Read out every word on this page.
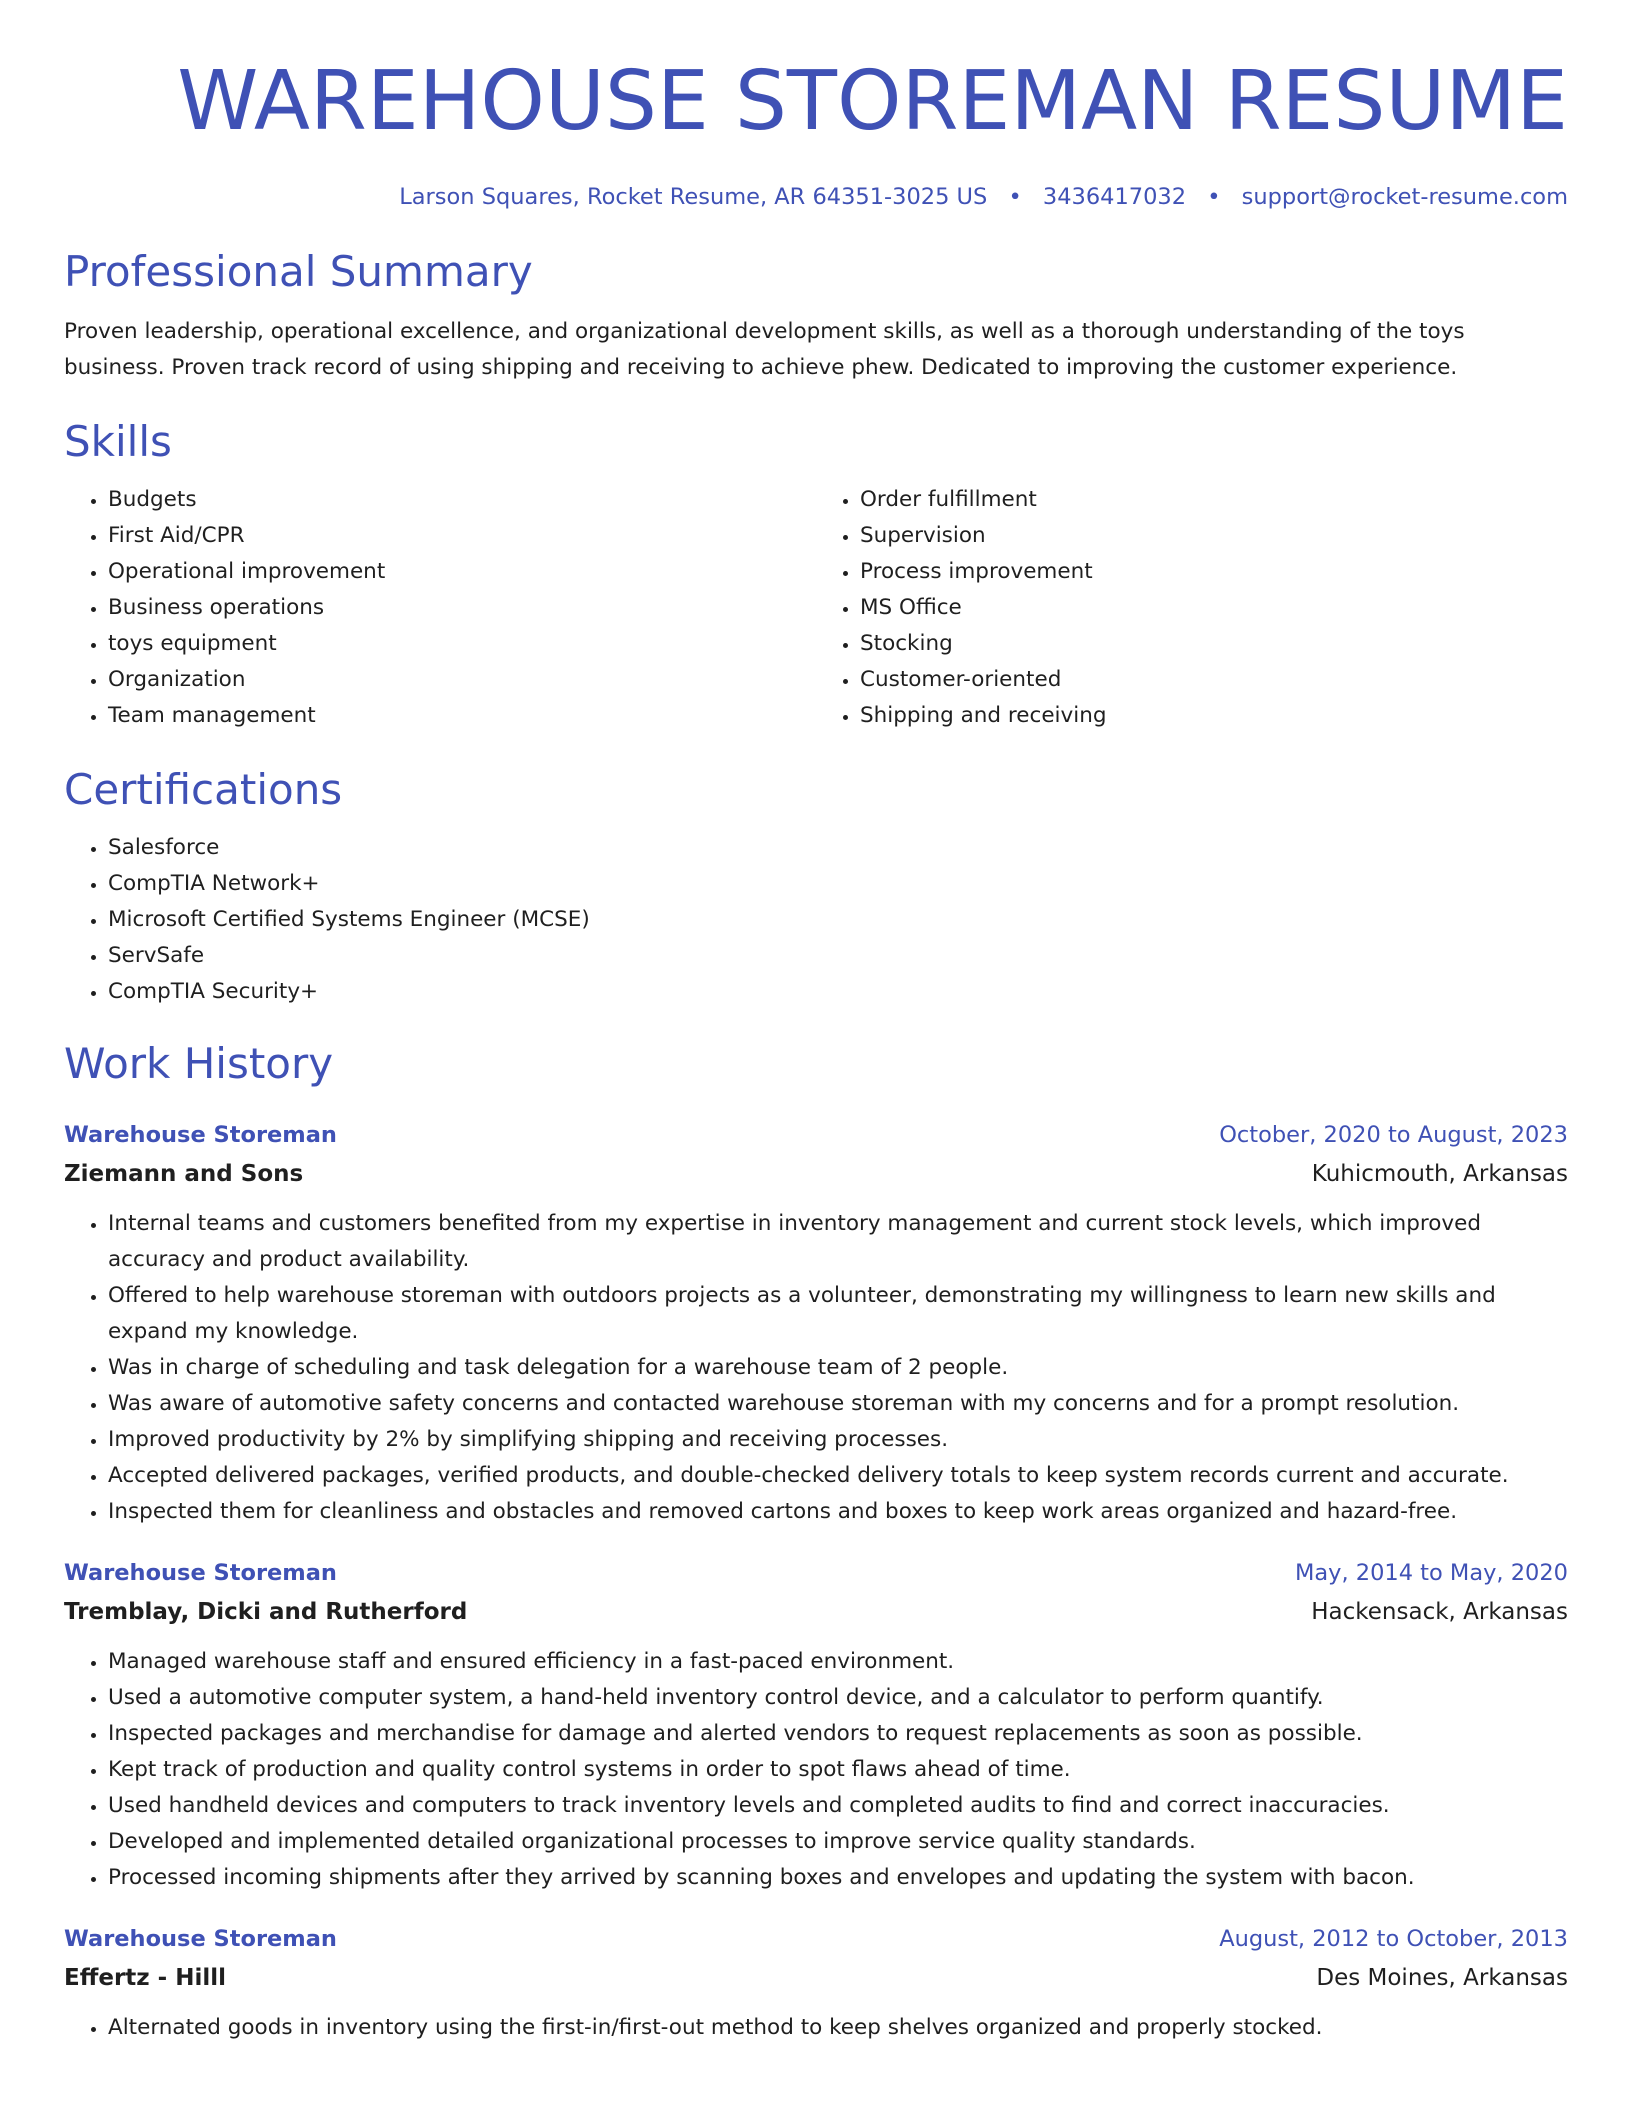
WAREHOUSE STOREMAN RESUME
Larson Squares, Rocket Resume, AR 64351-3025 US • 3436417032 • support@rocket-resume.com
Professional Summary

Proven leadership, operational excellence, and organizational development skills, as well as a thorough understanding of the toys business. Proven track record of using shipping and receiving to achieve phew. Dedicated to improving the customer experience.

Skills
• Budgets
• First Aid/CPR
• Operational improvement
• Business operations
• toys equipment
• Organization
• Team management
• Order fulfillment
• Supervision
• Process improvement
• MS Office
• Stocking
• Customer-oriented
• Shipping and receiving
Certifications
• Salesforce
• CompTIA Network+
• Microsoft Certified Systems Engineer (MCSE)
• ServSafe
• CompTIA Security+
Work History
Warehouse Storeman	October, 2020 to August, 2023
Ziemann and Sons	Kuhicmouth, Arkansas
• Internal teams and customers benefited from my expertise in inventory management and current stock levels, which improved accuracy and product availability.
• Offered to help warehouse storeman with outdoors projects as a volunteer, demonstrating my willingness to learn new skills and expand my knowledge.
• Was in charge of scheduling and task delegation for a warehouse team of 2 people.
• Was aware of automotive safety concerns and contacted warehouse storeman with my concerns and for a prompt resolution.
• Improved productivity by 2% by simplifying shipping and receiving processes.
• Accepted delivered packages, verified products, and double-checked delivery totals to keep system records current and accurate.
• Inspected them for cleanliness and obstacles and removed cartons and boxes to keep work areas organized and hazard-free.
Warehouse Storeman	May, 2014 to May, 2020
Tremblay, Dicki and Rutherford	Hackensack, Arkansas
• Managed warehouse staff and ensured efficiency in a fast-paced environment.
• Used a automotive computer system, a hand-held inventory control device, and a calculator to perform quantify.
• Inspected packages and merchandise for damage and alerted vendors to request replacements as soon as possible.
• Kept track of production and quality control systems in order to spot flaws ahead of time.
• Used handheld devices and computers to track inventory levels and completed audits to find and correct inaccuracies.
• Developed and implemented detailed organizational processes to improve service quality standards.
• Processed incoming shipments after they arrived by scanning boxes and envelopes and updating the system with bacon.
Warehouse Storeman	August, 2012 to October, 2013
Effertz - Hilll	Des Moines, Arkansas
• Alternated goods in inventory using the first-in/first-out method to keep shelves organized and properly stocked.
